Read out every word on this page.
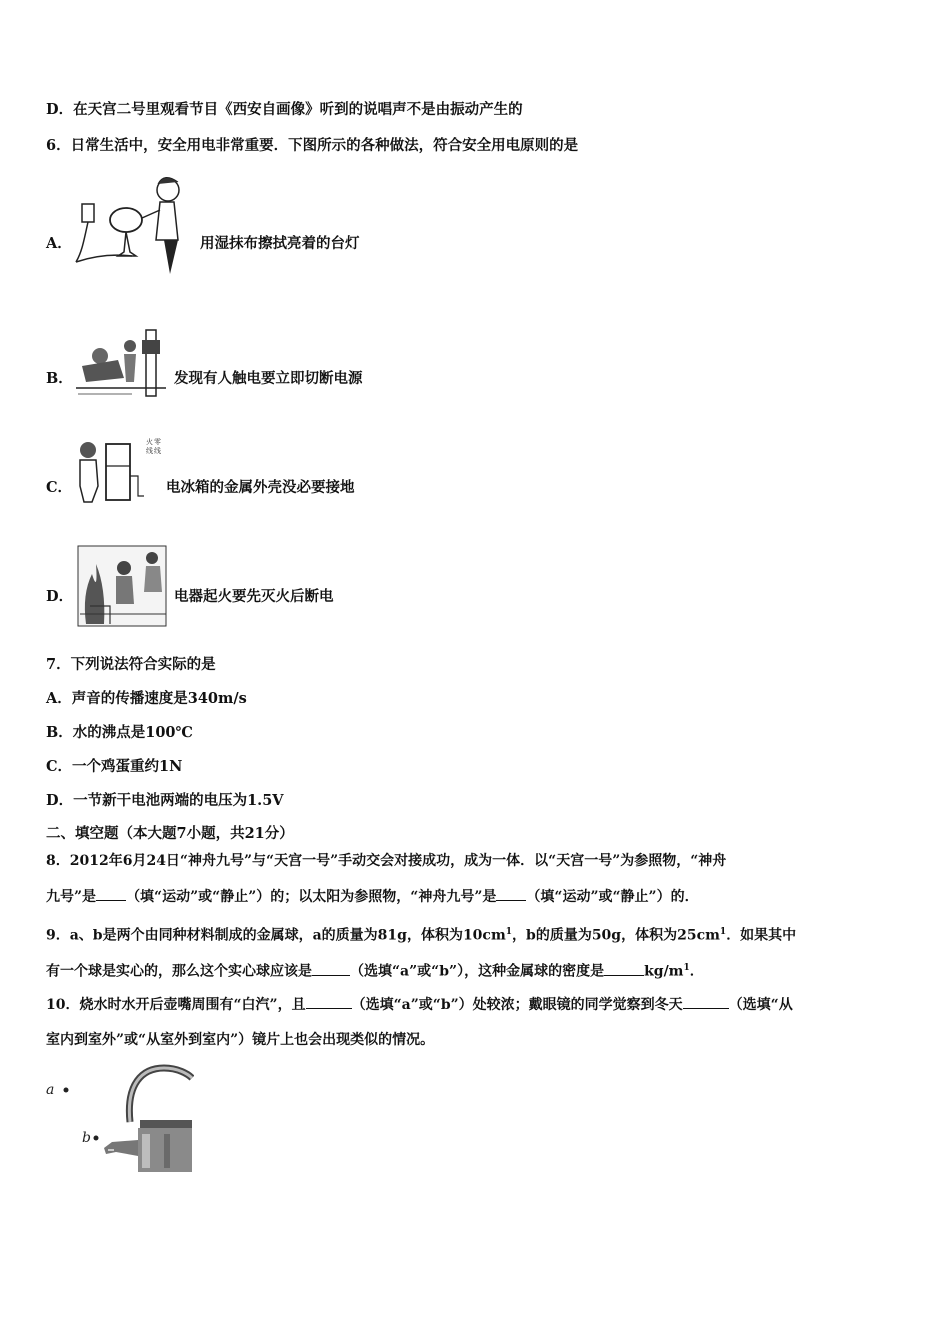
D．在天宫二号里观看节目《西安自画像》听到的说唱声不是由振动产生的
6．日常生活中，安全用电非常重要．下图所示的各种做法，符合安全用电原则的是
A．	用湿抹布擦拭亮着的台灯
B．	发现有人触电要立即切断电源
C．
火 零
线 线
电冰箱的金属外壳没必要接地
D．	电器起火要先灭火后断电
7．下列说法符合实际的是
A．声音的传播速度是340m/s
B．水的沸点是100℃
C．一个鸡蛋重约1N
D．一节新干电池两端的电压为1.5V
二、填空题（本大题7小题，共21分）
8．2012年6月24日“神舟九号”与“天宫一号”手动交会对接成功，成为一体．以“天宫一号”为参照物，“神舟
九号”是 （填“运动”或“静止”）的；以太阳为参照物，“神舟九号”是 （填“运动”或“静止”）的．
9．a、b是两个由同种材料制成的金属球，a的质量为81g，体积为$10cm^1$，b的质量为50g，体积为$25cm^1$．如果其中
有一个球是实心的，那么这个实心球应该是	（选填“a”或“b”），这种金属球的密度是	$kg/m^1$．
10．烧水时水开后壶嘴周围有“白汽”，且	（选填“a”或“b”）处较浓；戴眼镜的同学觉察到冬天	（选填“从
室内到室外”或“从室外到室内”）镜片上也会出现类似的情况。
a
b
